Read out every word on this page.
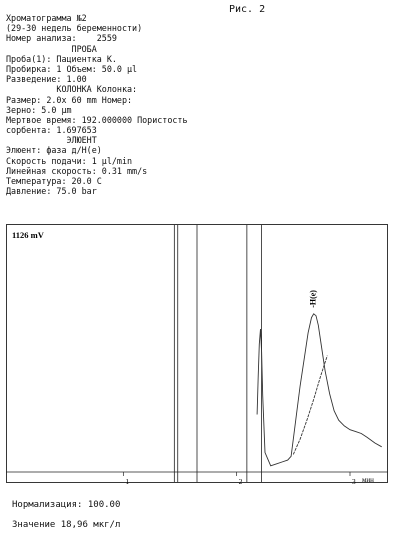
Рис. 2
Хроматограмма №2
(29-30 недель беременности)
Номер анализа:    2559
ПРОБА
Проба(1): Пациентка К.
Пробирка: 1 Объем: 50.0 µl
Разведение: 1.00
КОЛОНКА Колонка:
Размер: 2.0x 60 mm Номер:
Зерно: 5.0 µm
Мертвое время: 192.000000 Пористость
сорбента: 1.697653
ЭЛЮЕНТ
Элюент: фаза д/Н(е)
Скорость подачи: 1 µl/min
Линейная скорость: 0.31 mm/s
Температура: 20.0 C
Давление: 75.0 bar
1126 mV
1	2	3 мин
-Н(е)
Нормализация: 100.00
Значение 18,96 мкг/л
